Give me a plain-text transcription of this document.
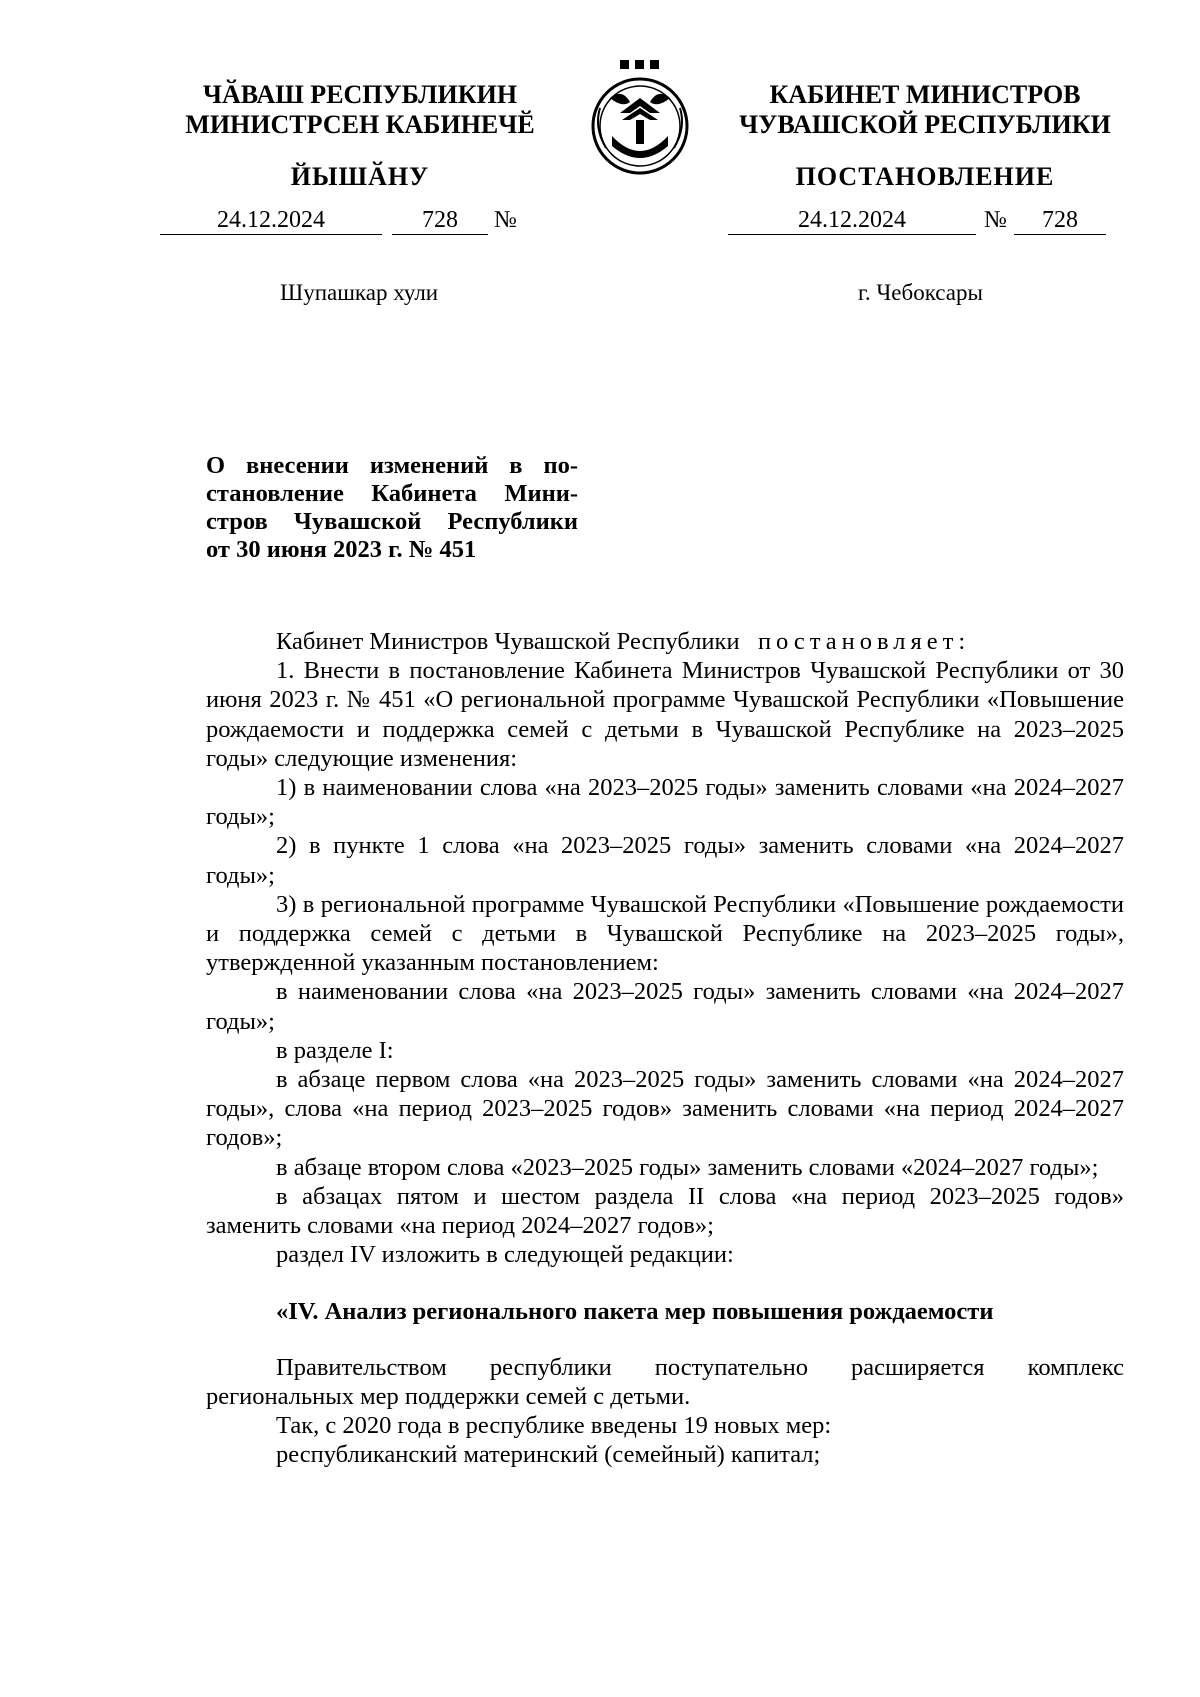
ЧӐВАШ РЕСПУБЛИКИН
МИНИСТРСЕН КАБИНЕЧӖ
ЙЫШӐНУ
КАБИНЕТ МИНИСТРОВ
ЧУВАШСКОЙ РЕСПУБЛИКИ
ПОСТАНОВЛЕНИЕ
24.12.2024	728	№	24.12.2024	№	728
Шупашкар хули	г. Чебоксары
О внесении изменений в по-
становление Кабинета Мини-
стров Чувашской Республики
от 30 июня 2023 г. № 451

Кабинет Министров Чувашской Республики постановляет:

1. Внести в постановление Кабинета Министров Чувашской Республики от 30 июня 2023 г. № 451 «О региональной программе Чувашской Республики «Повышение рождаемости и поддержка семей с детьми в Чувашской Республике на 2023–2025 годы» следующие изменения:

1) в наименовании слова «на 2023–2025 годы» заменить словами «на 2024–2027 годы»;

2) в пункте 1 слова «на 2023–2025 годы» заменить словами «на 2024–2027 годы»;

3) в региональной программе Чувашской Республики «Повышение рождаемости и поддержка семей с детьми в Чувашской Республике на 2023–2025 годы», утвержденной указанным постановлением:

в наименовании слова «на 2023–2025 годы» заменить словами «на 2024–2027 годы»;

в разделе I:

в абзаце первом слова «на 2023–2025 годы» заменить словами «на 2024–2027 годы», слова «на период 2023–2025 годов» заменить словами «на период 2024–2027 годов»;

в абзаце втором слова «2023–2025 годы» заменить словами «2024–2027 годы»;

в абзацах пятом и шестом раздела II слова «на период 2023–2025 годов» заменить словами «на период 2024–2027 годов»;

раздел IV изложить в следующей редакции:

«IV. Анализ регионального пакета мер повышения рождаемости

Правительством республики поступательно расширяется комплекс региональных мер поддержки семей с детьми.

Так, с 2020 года в республике введены 19 новых мер:

республиканский материнский (семейный) капитал;
